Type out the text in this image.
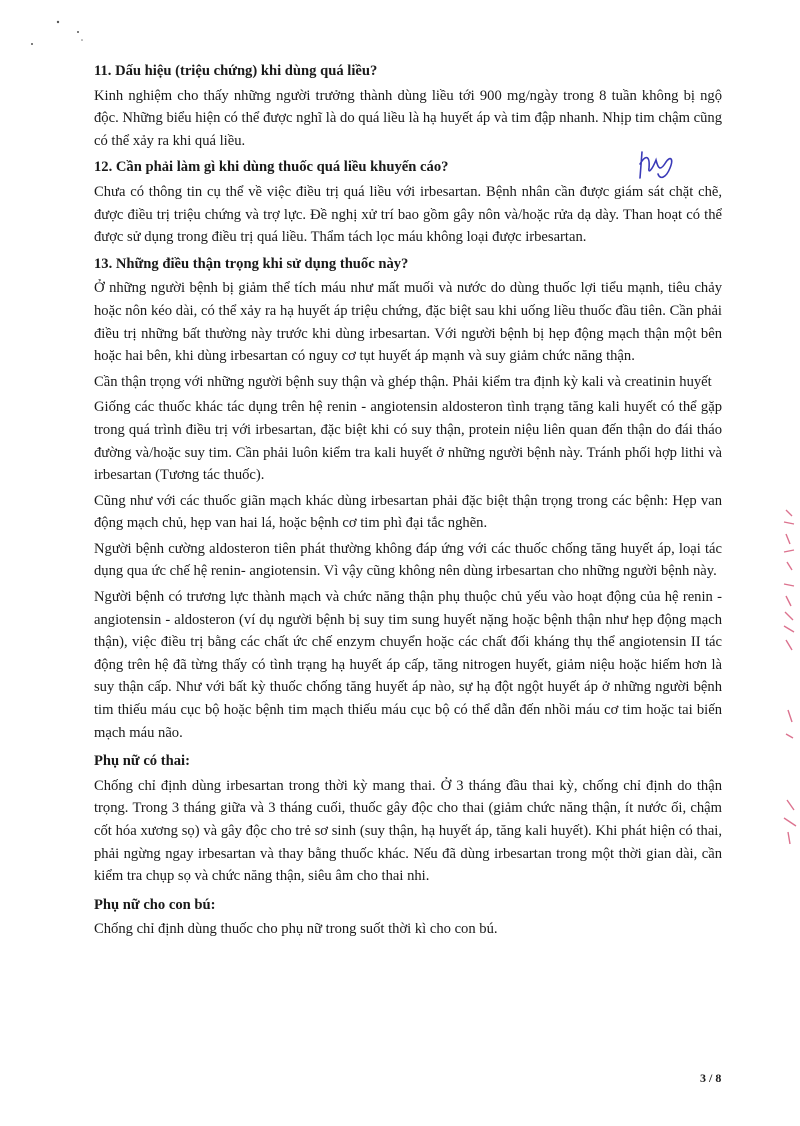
11. Dấu hiệu (triệu chứng) khi dùng quá liều?
Kinh nghiệm cho thấy những người trưởng thành dùng liều tới 900 mg/ngày trong 8 tuần không bị ngộ độc. Những biểu hiện có thể được nghĩ là do quá liều là hạ huyết áp và tim đập nhanh. Nhịp tim chậm cũng có thể xảy ra khi quá liều.
12. Cần phải làm gì khi dùng thuốc quá liều khuyến cáo?
Chưa có thông tin cụ thể về việc điều trị quá liều với irbesartan. Bệnh nhân cần được giám sát chặt chẽ, được điều trị triệu chứng và trợ lực. Đề nghị xử trí bao gồm gây nôn và/hoặc rửa dạ dày. Than hoạt có thể được sử dụng trong điều trị quá liều. Thẩm tách lọc máu không loại được irbesartan.
13. Những điều thận trọng khi sử dụng thuốc này?
Ở những người bệnh bị giảm thể tích máu như mất muối và nước do dùng thuốc lợi tiểu mạnh, tiêu chảy hoặc nôn kéo dài, có thể xảy ra hạ huyết áp triệu chứng, đặc biệt sau khi uống liều thuốc đầu tiên. Cần phải điều trị những bất thường này trước khi dùng irbesartan. Với người bệnh bị hẹp động mạch thận một bên hoặc hai bên, khi dùng irbesartan có nguy cơ tụt huyết áp mạnh và suy giảm chức năng thận.
Cần thận trọng với những người bệnh suy thận và ghép thận. Phải kiểm tra định kỳ kali và creatinin huyết
Giống các thuốc khác tác dụng trên hệ renin - angiotensin aldosteron tình trạng tăng kali huyết có thể gặp trong quá trình điều trị với irbesartan, đặc biệt khi có suy thận, protein niệu liên quan đến thận do đái tháo đường và/hoặc suy tim. Cần phải luôn kiểm tra kali huyết ở những người bệnh này. Tránh phối hợp lithi và irbesartan (Tương tác thuốc).
Cũng như với các thuốc giãn mạch khác dùng irbesartan phải đặc biệt thận trọng trong các bệnh: Hẹp van động mạch chủ, hẹp van hai lá, hoặc bệnh cơ tim phì đại tắc nghẽn.
Người bệnh cường aldosteron tiên phát thường không đáp ứng với các thuốc chống tăng huyết áp, loại tác dụng qua ức chế hệ renin- angiotensin. Vì vậy cũng không nên dùng irbesartan cho những người bệnh này.
Người bệnh có trương lực thành mạch và chức năng thận phụ thuộc chủ yếu vào hoạt động của hệ renin - angiotensin - aldosteron (ví dụ người bệnh bị suy tim sung huyết nặng hoặc bệnh thận như hẹp động mạch thận), việc điều trị bằng các chất ức chế enzym chuyển hoặc các chất đối kháng thụ thể angiotensin II tác động trên hệ đã từng thấy có tình trạng hạ huyết áp cấp, tăng nitrogen huyết, giảm niệu hoặc hiếm hơn là suy thận cấp. Như với bất kỳ thuốc chống tăng huyết áp nào, sự hạ đột ngột huyết áp ở những người bệnh tim thiếu máu cục bộ hoặc bệnh tim mạch thiếu máu cục bộ có thể dẫn đến nhồi máu cơ tim hoặc tai biến mạch máu não.
Phụ nữ có thai:
Chống chỉ định dùng irbesartan trong thời kỳ mang thai. Ở 3 tháng đầu thai kỳ, chống chỉ định do thận trọng. Trong 3 tháng giữa và 3 tháng cuối, thuốc gây độc cho thai (giảm chức năng thận, ít nước ối, chậm cốt hóa xương sọ) và gây độc cho trẻ sơ sinh (suy thận, hạ huyết áp, tăng kali huyết). Khi phát hiện có thai, phải ngừng ngay irbesartan và thay bằng thuốc khác. Nếu đã dùng irbesartan trong một thời gian dài, cần kiểm tra chụp sọ và chức năng thận, siêu âm cho thai nhi.
Phụ nữ cho con bú:
Chống chỉ định dùng thuốc cho phụ nữ trong suốt thời kì cho con bú.
3 / 8
